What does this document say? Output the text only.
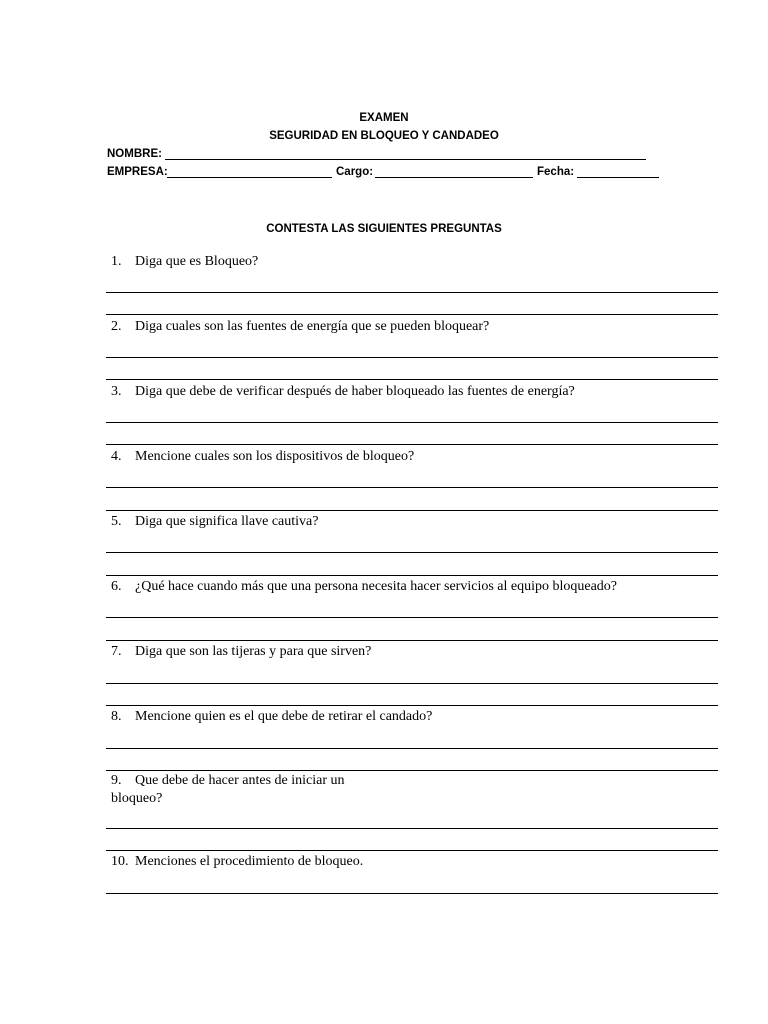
EXAMEN
SEGURIDAD EN BLOQUEO Y CANDADEO
NOMBRE:
EMPRESA:	Cargo:	Fecha:
CONTESTA LAS SIGUIENTES PREGUNTAS
1. Diga que es Bloqueo?
2. Diga cuales son las fuentes de energía que se pueden bloquear?
3. Diga que debe de verificar después de haber bloqueado las fuentes de energía?
4. Mencione cuales son los dispositivos de bloqueo?
5. Diga que significa llave cautiva?
6. ¿Qué hace cuando más que una persona necesita hacer servicios al equipo bloqueado?
7. Diga que son las tijeras y para que sirven?
8. Mencione quien es el que debe de retirar el candado?
9. Que debe de hacer antes de iniciar un
bloqueo?
10. Menciones el procedimiento de bloqueo.
